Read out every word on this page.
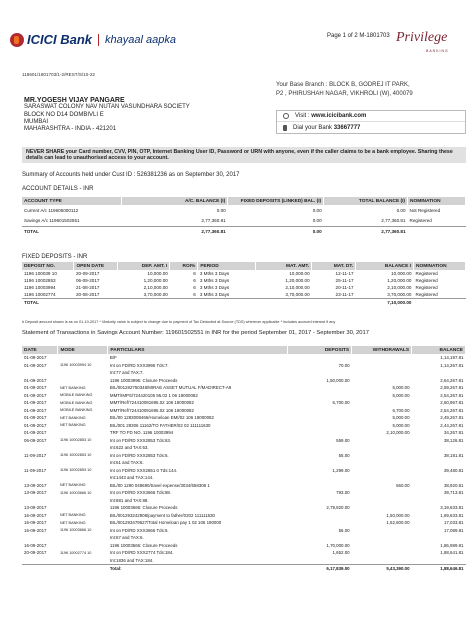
ICICI Bank khayaal aapka	Page 1 of 2 M-1801703 Privilege
BANKING
119601/1801703/1-2/REST/S/10-22
Your Base Branch : BLOCK B, GODREJ IT PARK,
P2 , PHIRUSHAH NAGAR, VIKHROLI (W), 400079
MR.YOGESH VIJAY PANGARE
SARASWAT COLONY NAV NUTAN VASUNDHARA SOCIETY
BLOCK NO D14 DOMBIVLI E
MUMBAI
MAHARASHTRA - INDIA - 421201
Visit : www.icicibank.com
Dial your Bank
33667777
NEVER SHARE your Card number, CVV, PIN, OTP, Internet Banking User ID, Password or URN with anyone, even if the caller claims to be a bank employee. Sharing these details can lead to unauthorised access to your account.
Summary of Accounts held under Cust ID : 526381236 as on September 30, 2017
ACCOUNT DETAILS - INR
ACCOUNT TYPE	A/C. BALANCE (I)	FIXED DEPOSITS (LINKED) BAL. (I)	TOTAL BALANCE (I)	NOMINATION
Current A/c 119605000112	0.00	0.00	0.00	Not Registered
Savings A/c 119601502551	2,77,360.81	0.00	2,77,360.81	Registered
TOTAL	2,77,360.81	0.00	2,77,360.81	
FIXED DEPOSITS - INR
DEPOSIT NO.	OPEN DATE	DEP. AMT. I	ROI%	PERIOD	MAT. AMT.	MAT. DT.	BALANCE I	NOMINATION
1196 100039 10	20-09-2017	10,000.00	6	3 Mths 3 Days	10,000.00	12-11-17	10,000.00	Registered
1196 10002853	06-09-2017	1,20,000.00	6	3 Mths 3 Days	1,20,000.00	25-11-17	1,20,000.00	Registered
1196 10003994	21-08-2017	2,10,000.00	6	3 Mths 3 Days	2,10,000.00	20-11-17	2,10,000.00	Registered
1196 10002774	20-08-2017	3,70,000.00	6	3 Mths 3 Days	3,70,000.00	23-11-17	3,70,000.00	Registered
TOTAL							7,10,000.00	
# Deposit amount shown is as on 01-10-2017 ^ Maturity value is subject to change due to payment of Tax Deducted at Source (TDS) wherever applicable * includes accrued interest if any
Statement of Transactions in Savings Account Number: 119601502551 in INR for the period September 01, 2017 - September 30, 2017
DATE	MODE	PARTICULARS	DEPOSITS	WITHDRAWALS	BALANCE
01-09-2017		B/F			1,14,197.81
01-09-2017	1196 10003994 10	Int on FD/RD XXX3996 Tds:7.	70.00		1,14,267.81
		Int:77 and TAX:7.			
01-09-2017		1196 10003996: Closure Proceeds	1,50,000.00		2,64,267.81
01-09-2017	NET BANKING	BIL/001282750348/MIRAE ASSET MUTUAL F/MADIRECT-A9		5,000.00	2,59,267.81
01-09-2017	MOBILE BANKING	MMT/IMPS/724420105 95.02 1 06 19000082		5,000.00	2,54,267.81
01-09-2017	MOBILE BANKING	MMT/Ref/724410091695.02 106 19000082	6,700.00		2,60,967.81
01-09-2017	MOBILE BANKING	MMT/Ref/724410091695.02 106 19000082		6,700.00	2,54,267.81
01-09-2017	NET BANKING	BIL/00 1283008466/Homeloan EMI/02 106 19000082		5,000.00	2,49,267.81
01-09-2017	NET BANKING	BIL/001 28306 11162/TO FATHER/02 02 111111630		5,000.00	2,44,267.81
01-09-2017		TRF TO FD NO. 1196 10003994		2,10,000.00	34,267.81
06-09-2017	1196 10002853 10	Int on FD/RD XXX2853 Tds:63.	559.00		38,126.81
		Int:622 and TAX:63.			
11-09-2017	1196 10002853 10	Int on FD/RD XXX2853 Tds:6.	55.00		38,181.81
		Int:61 and TAX:6.			
11-09-2017	1196 10002853 10	Int on FD/RD XXX2851 0 Tds:144.	1,299.00		39,480.81
		Int:1443 and TAX:144.			
13-09-2017	NET BANKING	BIL/00 1290 048690/travel expense/3034/658308 1		560.00	38,920.81
13-09-2017	1196 10003666 10	Int on FD/RD XXX3666 Tds:88.	793.00		39,713.81
		Int:881 and TAX:88.			
13-09-2017		1196 10003666: Closure Proceeds	2,79,920.00		3,19,633.81
16-09-2017	NET BANKING	BIL/001293242908/payment to father/0202 111111630		1,50,000.00	1,69,633.81
16-09-2017	NET BANKING	BIL/001293479627/Total Homeloan pay 1 02 106 190000		1,52,600.00	17,033.81
16-09-2017	1196 10003666 10	Int on FD/RD XXX3666 Tds:6.	56.00		17,089.81
		Int:67 and TAX:6.			
16-09-2017		1196 10003666: Closure Proceeds	1,70,000.00		1,86,989.81
20-09-2017	1196 10002774 10	Int on FD/RD XXX2774 Tds:184.	1,652.00		1,88,641.81
		Int:1836 and TAX:184.			
		Total:	6,17,839.00	5,43,390.00	1,88,646.81
